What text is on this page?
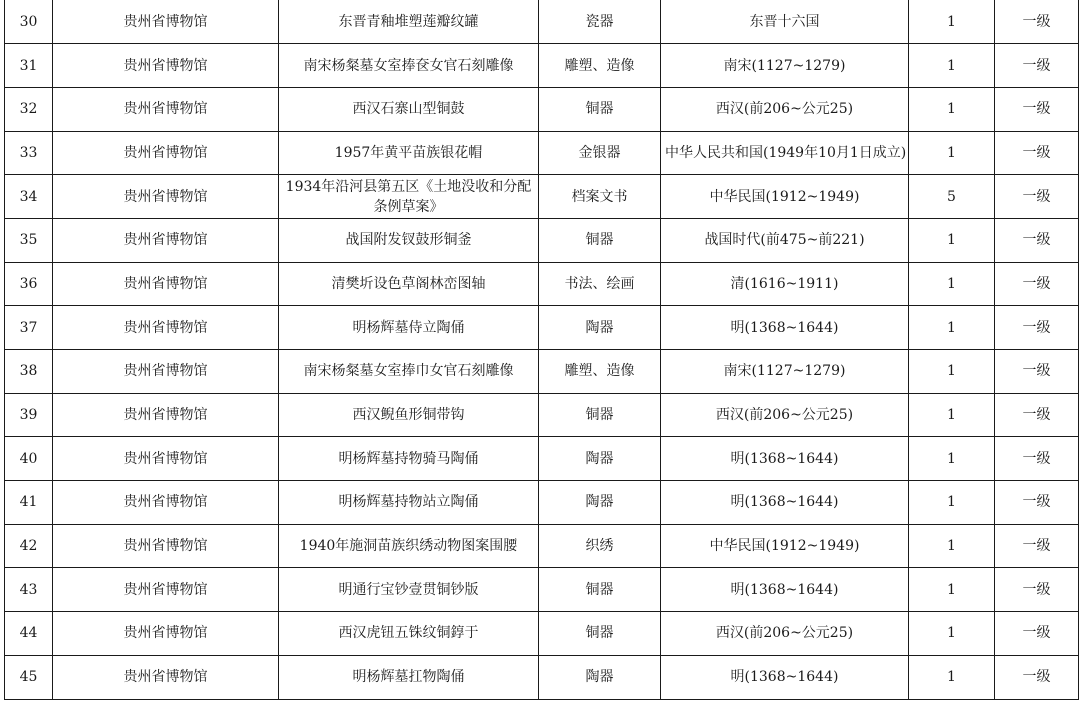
30	贵州省博物馆	东晋青釉堆塑莲瓣纹罐	瓷器	东晋十六国	1	一级
31	贵州省博物馆	南宋杨粲墓女室捧奁女官石刻雕像	雕塑、造像	南宋(1127~1279)	1	一级
32	贵州省博物馆	西汉石寨山型铜鼓	铜器	西汉(前206~公元25)	1	一级
33	贵州省博物馆	1957年黄平苗族银花帽	金银器	中华人民共和国(1949年10月1日成立)	1	一级
34	贵州省博物馆	1934年沿河县第五区《土地没收和分配条例草案》	档案文书	中华民国(1912~1949)	5	一级
35	贵州省博物馆	战国附发钗鼓形铜釜	铜器	战国时代(前475~前221)	1	一级
36	贵州省博物馆	清樊圻设色草阁林峦图轴	书法、绘画	清(1616~1911)	1	一级
37	贵州省博物馆	明杨辉墓侍立陶俑	陶器	明(1368~1644)	1	一级
38	贵州省博物馆	南宋杨粲墓女室捧巾女官石刻雕像	雕塑、造像	南宋(1127~1279)	1	一级
39	贵州省博物馆	西汉鲵鱼形铜带钩	铜器	西汉(前206~公元25)	1	一级
40	贵州省博物馆	明杨辉墓持物骑马陶俑	陶器	明(1368~1644)	1	一级
41	贵州省博物馆	明杨辉墓持物站立陶俑	陶器	明(1368~1644)	1	一级
42	贵州省博物馆	1940年施洞苗族织绣动物图案围腰	织绣	中华民国(1912~1949)	1	一级
43	贵州省博物馆	明通行宝钞壹贯铜钞版	铜器	明(1368~1644)	1	一级
44	贵州省博物馆	西汉虎钮五铢纹铜錞于	铜器	西汉(前206~公元25)	1	一级
45	贵州省博物馆	明杨辉墓扛物陶俑	陶器	明(1368~1644)	1	一级
